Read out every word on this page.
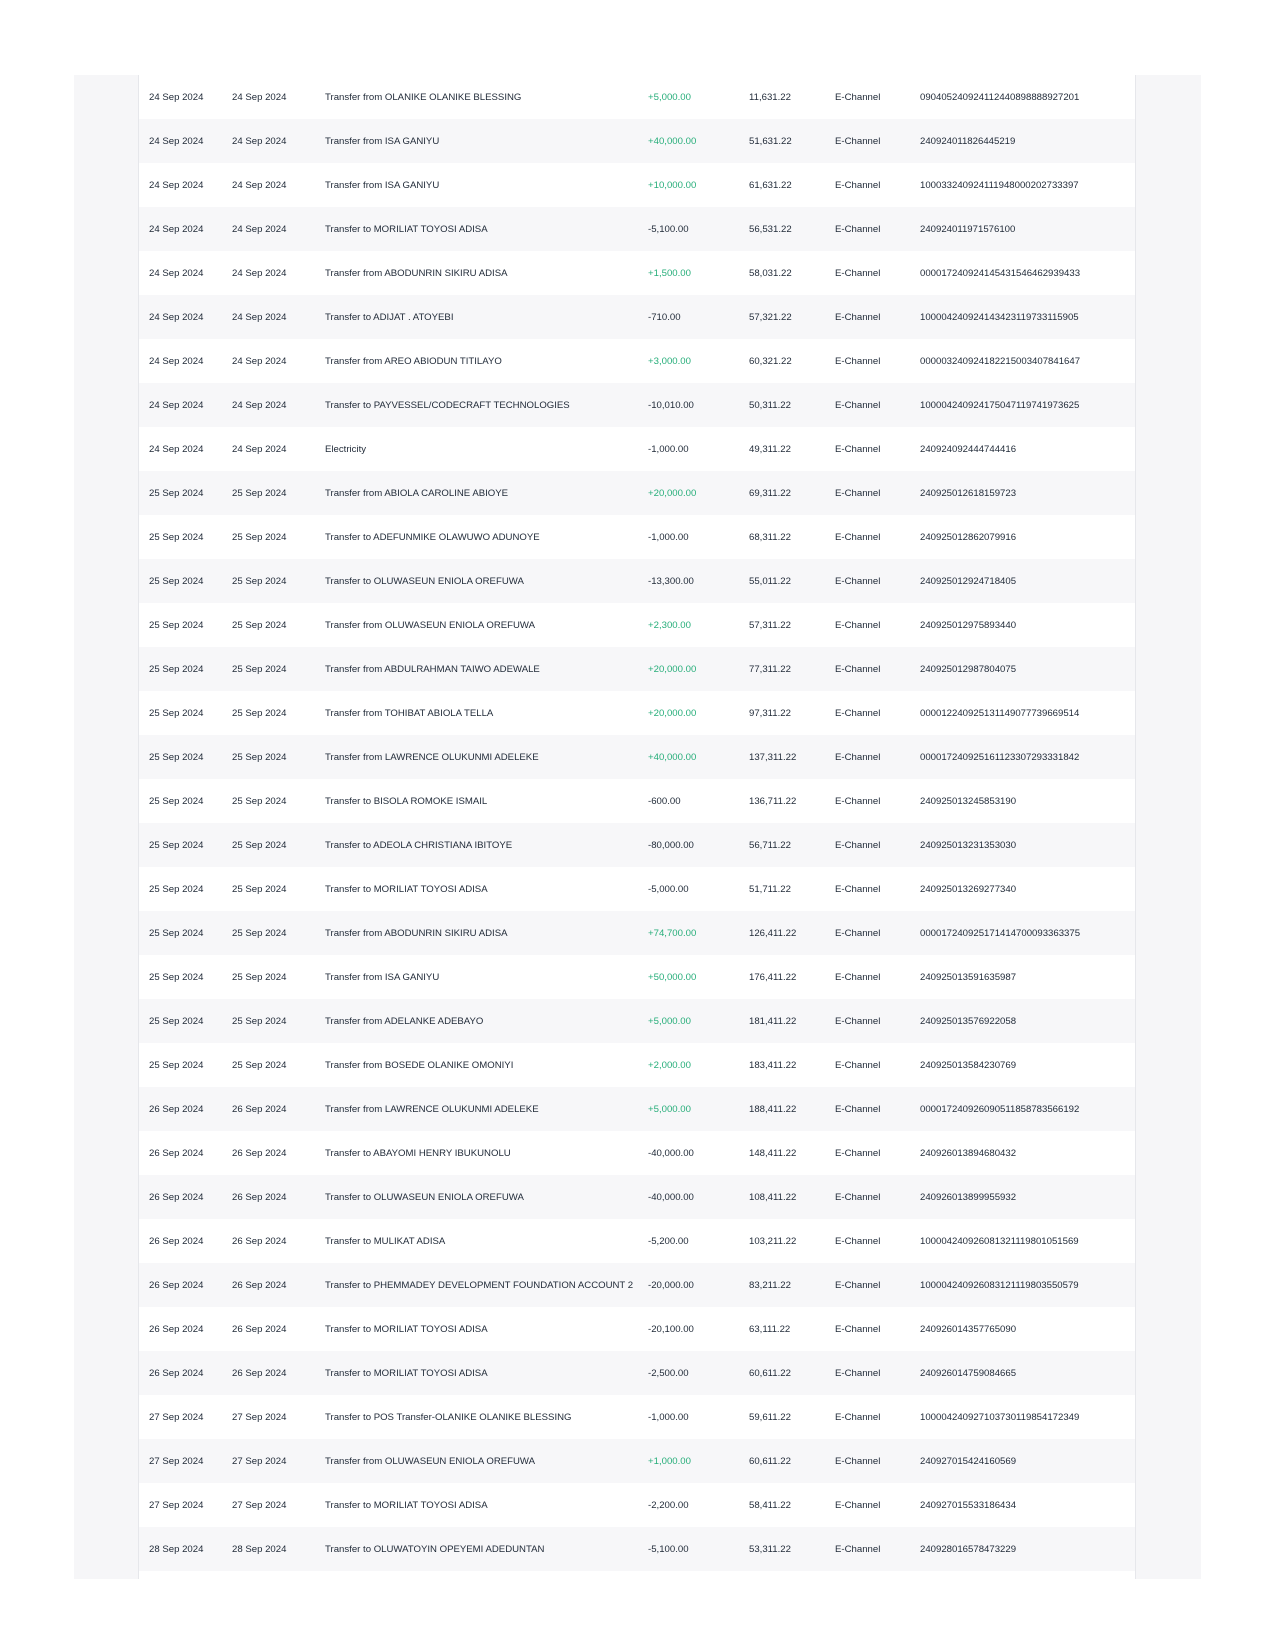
24 Sep 2024	24 Sep 2024	Transfer from OLANIKE OLANIKE BLESSING	+5,000.00	11,631.22	E-Channel	090405240924112440898888927201
24 Sep 2024	24 Sep 2024	Transfer from ISA GANIYU	+40,000.00	51,631.22	E-Channel	240924011826445219
24 Sep 2024	24 Sep 2024	Transfer from ISA GANIYU	+10,000.00	61,631.22	E-Channel	100033240924111948000202733397
24 Sep 2024	24 Sep 2024	Transfer to MORILIAT TOYOSI ADISA	-5,100.00	56,531.22	E-Channel	240924011971576100
24 Sep 2024	24 Sep 2024	Transfer from ABODUNRIN SIKIRU ADISA	+1,500.00	58,031.22	E-Channel	000017240924145431546462939433
24 Sep 2024	24 Sep 2024	Transfer to ADIJAT . ATOYEBI	-710.00	57,321.22	E-Channel	100004240924143423119733115905
24 Sep 2024	24 Sep 2024	Transfer from AREO ABIODUN TITILAYO	+3,000.00	60,321.22	E-Channel	000003240924182215003407841647
24 Sep 2024	24 Sep 2024	Transfer to PAYVESSEL/CODECRAFT TECHNOLOGIES	-10,010.00	50,311.22	E-Channel	100004240924175047119741973625
24 Sep 2024	24 Sep 2024	Electricity	-1,000.00	49,311.22	E-Channel	240924092444744416
25 Sep 2024	25 Sep 2024	Transfer from ABIOLA CAROLINE ABIOYE	+20,000.00	69,311.22	E-Channel	240925012618159723
25 Sep 2024	25 Sep 2024	Transfer to ADEFUNMIKE OLAWUWO ADUNOYE	-1,000.00	68,311.22	E-Channel	240925012862079916
25 Sep 2024	25 Sep 2024	Transfer to OLUWASEUN ENIOLA OREFUWA	-13,300.00	55,011.22	E-Channel	240925012924718405
25 Sep 2024	25 Sep 2024	Transfer from OLUWASEUN ENIOLA OREFUWA	+2,300.00	57,311.22	E-Channel	240925012975893440
25 Sep 2024	25 Sep 2024	Transfer from ABDULRAHMAN TAIWO ADEWALE	+20,000.00	77,311.22	E-Channel	240925012987804075
25 Sep 2024	25 Sep 2024	Transfer from TOHIBAT ABIOLA TELLA	+20,000.00	97,311.22	E-Channel	000012240925131149077739669514
25 Sep 2024	25 Sep 2024	Transfer from LAWRENCE OLUKUNMI ADELEKE	+40,000.00	137,311.22	E-Channel	000017240925161123307293331842
25 Sep 2024	25 Sep 2024	Transfer to BISOLA ROMOKE ISMAIL	-600.00	136,711.22	E-Channel	240925013245853190
25 Sep 2024	25 Sep 2024	Transfer to ADEOLA CHRISTIANA IBITOYE	-80,000.00	56,711.22	E-Channel	240925013231353030
25 Sep 2024	25 Sep 2024	Transfer to MORILIAT TOYOSI ADISA	-5,000.00	51,711.22	E-Channel	240925013269277340
25 Sep 2024	25 Sep 2024	Transfer from ABODUNRIN SIKIRU ADISA	+74,700.00	126,411.22	E-Channel	000017240925171414700093363375
25 Sep 2024	25 Sep 2024	Transfer from ISA GANIYU	+50,000.00	176,411.22	E-Channel	240925013591635987
25 Sep 2024	25 Sep 2024	Transfer from ADELANKE ADEBAYO	+5,000.00	181,411.22	E-Channel	240925013576922058
25 Sep 2024	25 Sep 2024	Transfer from BOSEDE OLANIKE OMONIYI	+2,000.00	183,411.22	E-Channel	240925013584230769
26 Sep 2024	26 Sep 2024	Transfer from LAWRENCE OLUKUNMI ADELEKE	+5,000.00	188,411.22	E-Channel	000017240926090511858783566192
26 Sep 2024	26 Sep 2024	Transfer to ABAYOMI HENRY IBUKUNOLU	-40,000.00	148,411.22	E-Channel	240926013894680432
26 Sep 2024	26 Sep 2024	Transfer to OLUWASEUN ENIOLA OREFUWA	-40,000.00	108,411.22	E-Channel	240926013899955932
26 Sep 2024	26 Sep 2024	Transfer to MULIKAT ADISA	-5,200.00	103,211.22	E-Channel	100004240926081321119801051569
26 Sep 2024	26 Sep 2024	Transfer to PHEMMADEY DEVELOPMENT FOUNDATION ACCOUNT 2	-20,000.00	83,211.22	E-Channel	100004240926083121119803550579
26 Sep 2024	26 Sep 2024	Transfer to MORILIAT TOYOSI ADISA	-20,100.00	63,111.22	E-Channel	240926014357765090
26 Sep 2024	26 Sep 2024	Transfer to MORILIAT TOYOSI ADISA	-2,500.00	60,611.22	E-Channel	240926014759084665
27 Sep 2024	27 Sep 2024	Transfer to POS Transfer-OLANIKE OLANIKE BLESSING	-1,000.00	59,611.22	E-Channel	100004240927103730119854172349
27 Sep 2024	27 Sep 2024	Transfer from OLUWASEUN ENIOLA OREFUWA	+1,000.00	60,611.22	E-Channel	240927015424160569
27 Sep 2024	27 Sep 2024	Transfer to MORILIAT TOYOSI ADISA	-2,200.00	58,411.22	E-Channel	240927015533186434
28 Sep 2024	28 Sep 2024	Transfer to OLUWATOYIN OPEYEMI ADEDUNTAN	-5,100.00	53,311.22	E-Channel	240928016578473229
